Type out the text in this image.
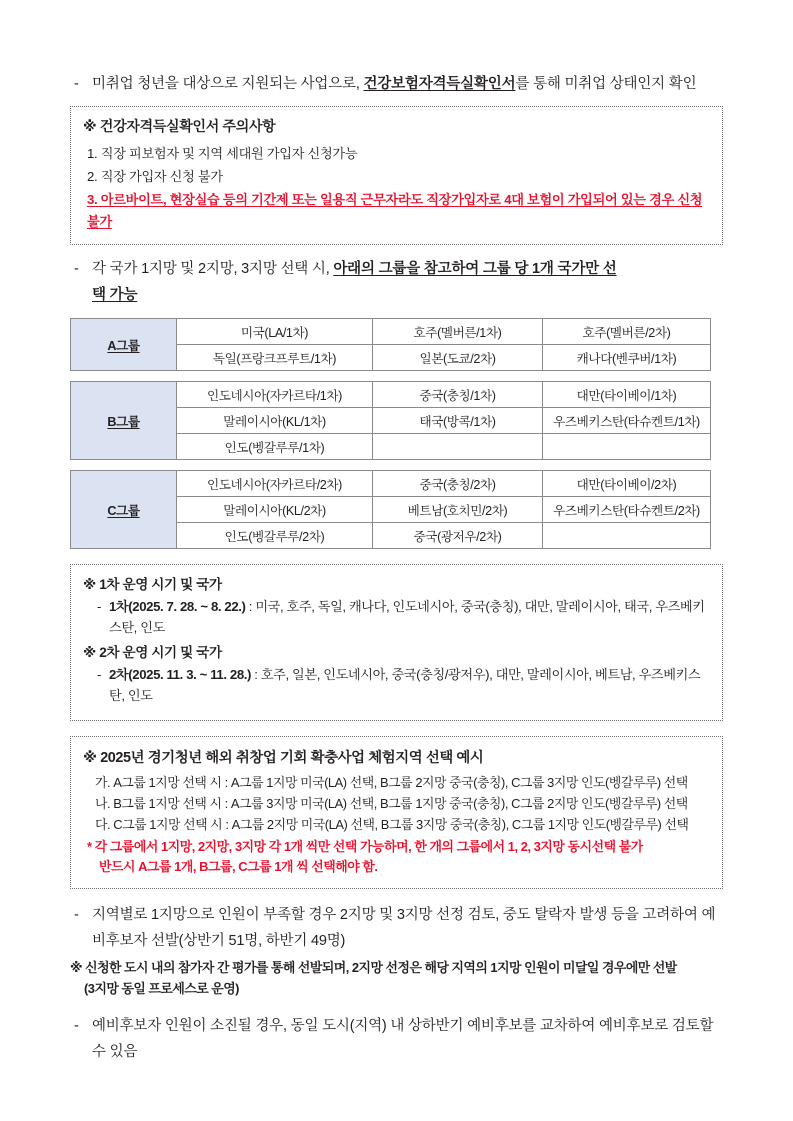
- 미취업 청년을 대상으로 지원되는 사업으로, 건강보험자격득실확인서를 통해 미취업 상태인지 확인
※ 건강자격득실확인서 주의사항
1. 직장 피보험자 및 지역 세대원 가입자 신청가능
2. 직장 가입자 신청 불가
3. 아르바이트, 현장실습 등의 기간제 또는 일용직 근무자라도 직장가입자로 4대 보험이 가입되어 있는 경우 신청 불가
- 각 국가 1지망 및 2지망, 3지망 선택 시, 아래의 그룹을 참고하여 그룹 당 1개 국가만 선
택 가능
A그룹	미국(LA/1차)	호주(멜버른/1차)	호주(멜버른/2차)
	독일(프랑크프루트/1차)	일본(도쿄/2차)	캐나다(벤쿠버/1차)
B그룹	인도네시아(자카르타/1차)	중국(충칭/1차)	대만(타이베이/1차)
	말레이시아(KL/1차)	태국(방콕/1차)	우즈베키스탄(타슈켄트/1차)
	인도(벵갈루루/1차)		
C그룹	인도네시아(자카르타/2차)	중국(충칭/2차)	대만(타이베이/2차)
	말레이시아(KL/2차)	베트남(호치민/2차)	우즈베키스탄(타슈켄트/2차)
	인도(벵갈루루/2차)	중국(광저우/2차)	
※ 1차 운영 시기 및 국가
- 1차(2025. 7. 28. ~ 8. 22.) : 미국, 호주, 독일, 캐나다, 인도네시아, 중국(충칭), 대만, 말레이시아, 태국, 우즈베키스탄, 인도
※ 2차 운영 시기 및 국가
- 2차(2025. 11. 3. ~ 11. 28.) : 호주, 일본, 인도네시아, 중국(충칭/광저우), 대만, 말레이시아, 베트남, 우즈베키스탄, 인도
※ 2025년 경기청년 해외 취창업 기회 확충사업 체험지역 선택 예시
가. A그룹 1지망 선택 시 : A그룹 1지망 미국(LA) 선택, B그룹 2지망 중국(충칭), C그룹 3지망 인도(벵갈루루) 선택
나. B그룹 1지망 선택 시 : A그룹 3지망 미국(LA) 선택, B그룹 1지망 중국(충칭), C그룹 2지망 인도(벵갈루루) 선택
다. C그룹 1지망 선택 시 : A그룹 2지망 미국(LA) 선택, B그룹 3지망 중국(충칭), C그룹 1지망 인도(벵갈루루) 선택
* 각 그룹에서 1지망, 2지망, 3지망 각 1개 씩만 선택 가능하며, 한 개의 그룹에서 1, 2, 3지망 동시선택 불가
반드시 A그룹 1개, B그룹, C그룹 1개 씩 선택해야 함.
- 지역별로 1지망으로 인원이 부족할 경우 2지망 및 3지망 선정 검토, 중도 탈락자 발생 등을 고려하여 예비후보자 선발(상반기 51명, 하반기 49명)
※ 신청한 도시 내의 참가자 간 평가를 통해 선발되며, 2지망 선정은 해당 지역의 1지망 인원이 미달일 경우에만 선발
(3지망 동일 프로세스로 운영)
- 예비후보자 인원이 소진될 경우, 동일 도시(지역) 내 상하반기 예비후보를 교차하여 예비후보로 검토할 수 있음
